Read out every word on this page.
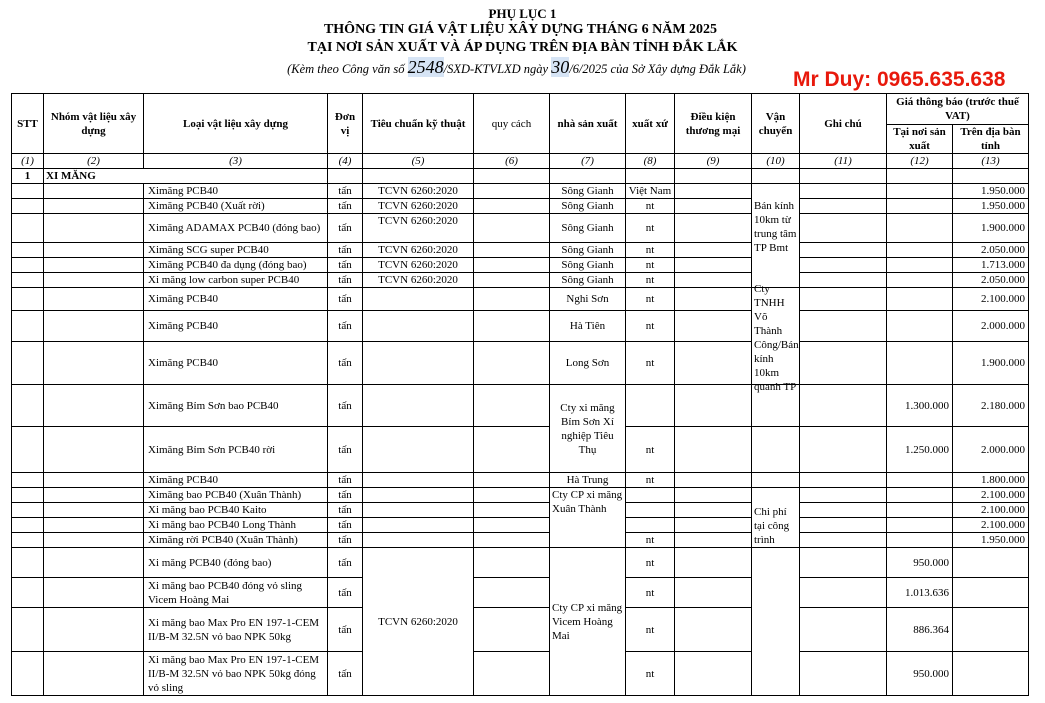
PHỤ LỤC 1
THÔNG TIN GIÁ VẬT LIỆU XÂY DỰNG THÁNG 6 NĂM 2025
TẠI NƠI SẢN XUẤT VÀ ÁP DỤNG TRÊN ĐỊA BÀN TỈNH ĐẮK LẮK
(Kèm theo Công văn số 2548/SXD-KTVLXD ngày 30/6/2025 của Sở Xây dựng Đắk Lắk)	Mr Duy: 0965.635.638
STT	Nhóm vật liệu xây dựng	Loại vật liệu xây dựng	Đơn vị	Tiêu chuẩn kỹ thuật	quy cách	nhà sản xuất	xuất xứ	Điều kiện thương mại	Vận chuyển	Ghi chú	Giá thông báo (trước thuế VAT)	
											Tại nơi sản xuất	Trên địa bàn tỉnh
(1)	(2)	(3)	(4)	(5)	(6)	(7)	(8)	(9)	(10)	(11)	(12)	(13)
1	XI MĂNG											
		Ximăng PCB40	tấn	TCVN 6260:2020		Sông Gianh	Việt Nam					1.950.000
		Ximăng PCB40 (Xuất rời)	tấn	TCVN 6260:2020		Sông Gianh	nt		Bán kính 10km từ trung tâm TP Bmt			1.950.000
		Ximăng ADAMAX PCB40 (đóng bao)	tấn	TCVN 6260:2020		Sông Gianh	nt					1.900.000
		Ximăng SCG super PCB40	tấn	TCVN 6260:2020		Sông Gianh	nt					2.050.000
		Ximăng PCB40 đa dụng (đóng bao)	tấn	TCVN 6260:2020		Sông Gianh	nt					1.713.000
		Xi măng low carbon super PCB40	tấn	TCVN 6260:2020		Sông Gianh	nt					2.050.000
		Ximăng PCB40	tấn			Nghi Sơn	nt		Cty TNHH Võ Thành Công/Bán kính 10km quanh TP			2.100.000
		Ximăng PCB40	tấn			Hà Tiên	nt					2.000.000
		Ximăng PCB40	tấn			Long Sơn	nt					1.900.000
		Ximăng Bỉm Sơn bao PCB40	tấn			Cty xi măng Bỉm Sơn Xí nghiệp Tiêu Thụ					1.300.000	2.180.000
		Ximăng Bỉm Sơn PCB40 rời	tấn				nt				1.250.000	2.000.000
		Ximăng PCB40	tấn			Hà Trung	nt					1.800.000
		Ximăng bao PCB40 (Xuân Thành)	tấn			Cty CP xi măng Xuân Thành			Chi phí tại công trình			2.100.000
		Xi măng bao PCB40 Kaito	tấn									2.100.000
		Xi măng bao PCB40 Long Thành	tấn									2.100.000
		Ximăng rời PCB40 (Xuân Thành)	tấn				nt					1.950.000
		Xi măng PCB40 (đóng bao)	tấn	TCVN 6260:2020		Cty CP xi măng Vicem Hoàng Mai	nt				950.000	
		Xi măng bao PCB40 đóng vỏ sling Vicem Hoàng Mai	tấn				nt				1.013.636	
		Xi măng bao Max Pro EN 197-1-CEM II/B-M 32.5N vỏ bao NPK 50kg	tấn				nt				886.364	
		Xi măng bao Max Pro EN 197-1-CEM II/B-M 32.5N vỏ bao NPK 50kg đóng vỏ sling	tấn				nt				950.000	
